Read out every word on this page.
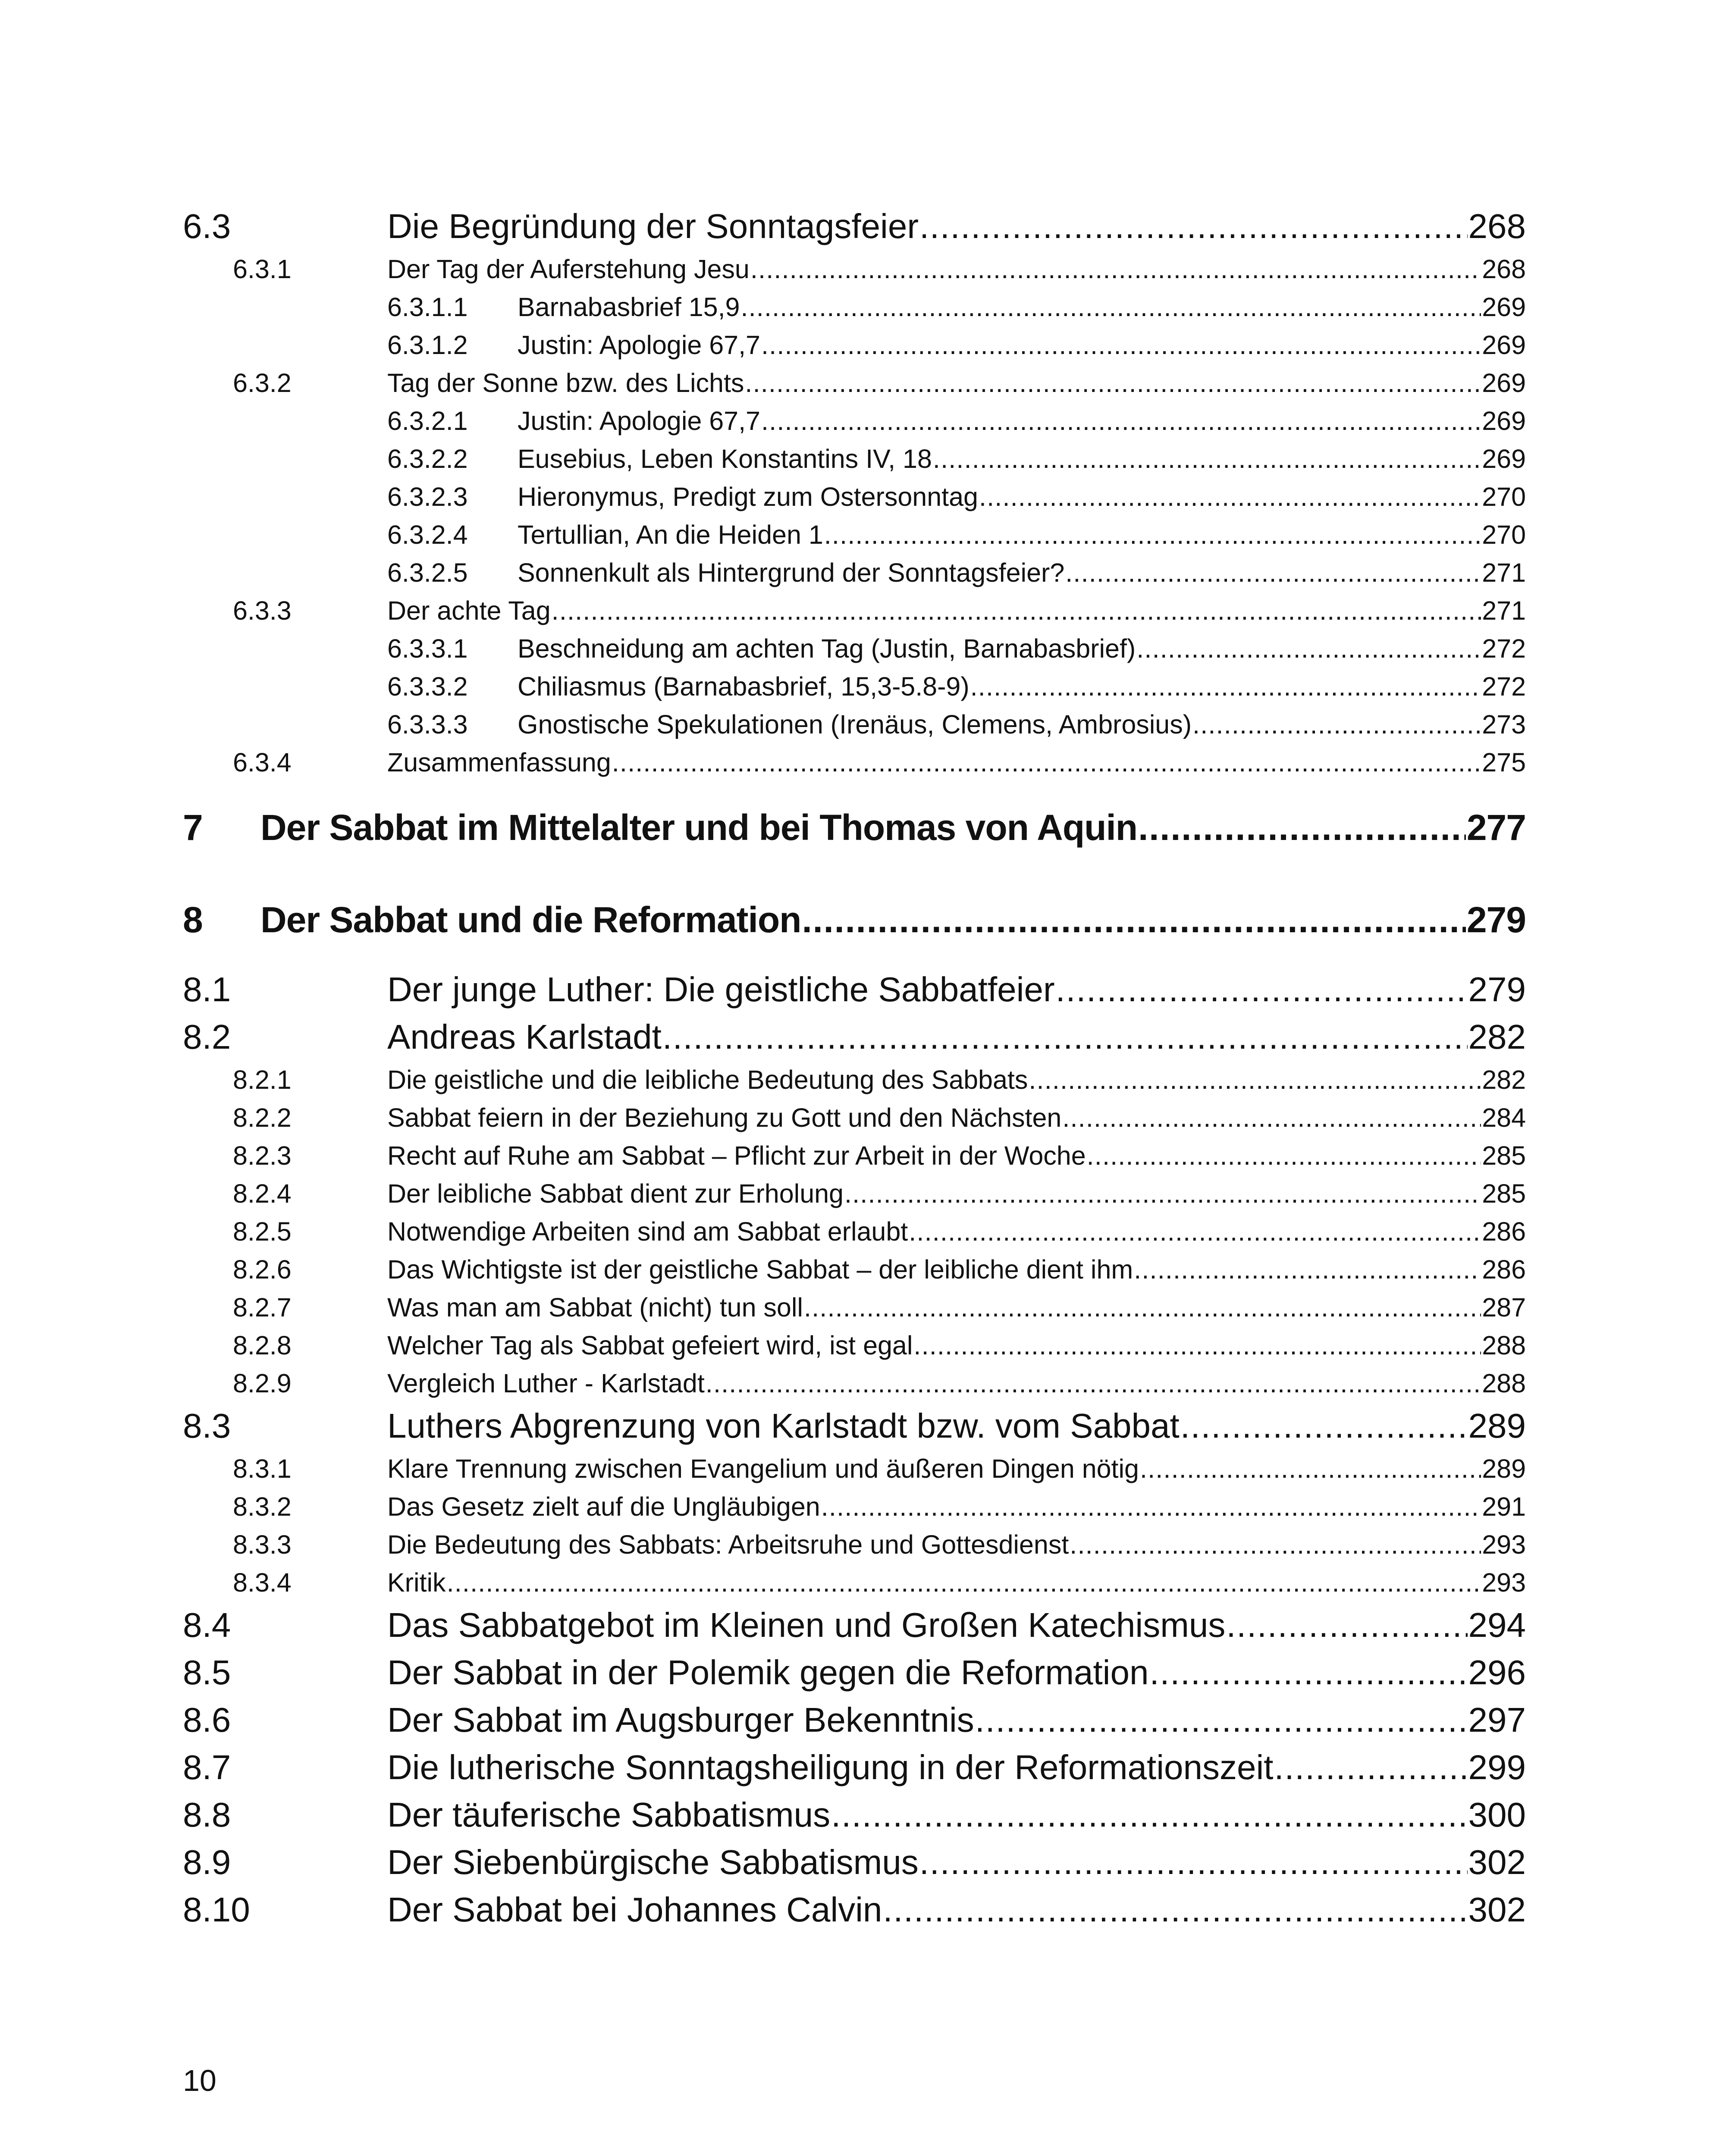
6.3	Die Begründung der Sonntagsfeier .....	268
6.3.1	Der Tag der Auferstehung Jesu .....	268
6.3.1.1 Barnabasbrief 15,9 .....	269
6.3.1.2 Justin: Apologie 67,7 .....	269
6.3.2	Tag der Sonne bzw. des Lichts .....	269
6.3.2.1 Justin: Apologie 67,7 .....	269
6.3.2.2 Eusebius, Leben Konstantins IV, 18 .....	269
6.3.2.3 Hieronymus, Predigt zum Ostersonntag .....	270
6.3.2.4 Tertullian, An die Heiden 1 .....	270
6.3.2.5 Sonnenkult als Hintergrund der Sonntagsfeier? .....	271
6.3.3	Der achte Tag .....	271
6.3.3.1 Beschneidung am achten Tag (Justin, Barnabasbrief) .....	272
6.3.3.2 Chiliasmus (Barnabasbrief, 15,3-5.8-9) .....	272
6.3.3.3 Gnostische Spekulationen (Irenäus, Clemens, Ambrosius) .....	273
6.3.4	Zusammenfassung .....	275
7 Der Sabbat im Mittelalter und bei Thomas von Aquin .....	277
8 Der Sabbat und die Reformation .....	279
8.1	Der junge Luther: Die geistliche Sabbatfeier .....	279
8.2	Andreas Karlstadt .....	282
8.2.1	Die geistliche und die leibliche Bedeutung des Sabbats .....	282
8.2.2	Sabbat feiern in der Beziehung zu Gott und den Nächsten .....	284
8.2.3	Recht auf Ruhe am Sabbat – Pflicht zur Arbeit in der Woche .....	285
8.2.4	Der leibliche Sabbat dient zur Erholung .....	285
8.2.5	Notwendige Arbeiten sind am Sabbat erlaubt .....	286
8.2.6	Das Wichtigste ist der geistliche Sabbat – der leibliche dient ihm .....	286
8.2.7	Was man am Sabbat (nicht) tun soll .....	287
8.2.8	Welcher Tag als Sabbat gefeiert wird, ist egal .....	288
8.2.9	Vergleich Luther - Karlstadt .....	288
8.3	Luthers Abgrenzung von Karlstadt bzw. vom Sabbat .....	289
8.3.1	Klare Trennung zwischen Evangelium und äußeren Dingen nötig .....	289
8.3.2	Das Gesetz zielt auf die Ungläubigen .....	291
8.3.3	Die Bedeutung des Sabbats: Arbeitsruhe und Gottesdienst .....	293
8.3.4	Kritik .....	293
8.4	Das Sabbatgebot im Kleinen und Großen Katechismus .....	294
8.5	Der Sabbat in der Polemik gegen die Reformation .....	296
8.6	Der Sabbat im Augsburger Bekenntnis .....	297
8.7	Die lutherische Sonntagsheiligung in der Reformationszeit .....	299
8.8	Der täuferische Sabbatismus .....	300
8.9	Der Siebenbürgische Sabbatismus .....	302
8.10	Der Sabbat bei Johannes Calvin .....	302
10
